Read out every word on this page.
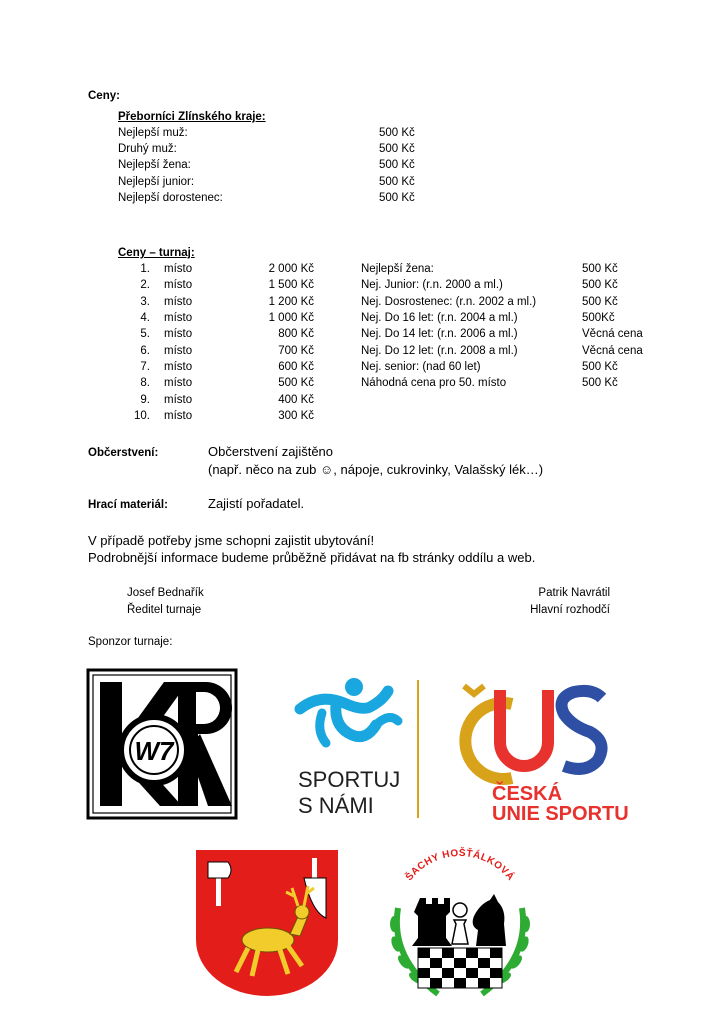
Ceny:
Přeborníci Zlínského kraje:
Nejlepší muž:	500 Kč
Druhý muž:	500 Kč
Nejlepší žena:	500 Kč
Nejlepší junior:	500 Kč
Nejlepší dorostenec:	500 Kč
Ceny – turnaj:
1. místo	2 000 Kč
2. místo	1 500 Kč
3. místo	1 200 Kč
4. místo	1 000 Kč
5. místo	800 Kč
6. místo	700 Kč
7. místo	600 Kč
8. místo	500 Kč
9. místo	400 Kč
10. místo	300 Kč
Nejlepší žena:	500 Kč
Nej. Junior: (r.n. 2000 a ml.)	500 Kč
Nej. Dosrostenec: (r.n. 2002 a ml.)	500 Kč
Nej. Do 16 let: (r.n. 2004 a ml.)	500Kč
Nej. Do 14 let: (r.n. 2006 a ml.)	Věcná cena
Nej. Do 12 let: (r.n. 2008 a ml.)	Věcná cena
Nej. senior: (nad 60 let)	500 Kč
Náhodná cena pro 50. místo	500 Kč
Občerstvení:	Občerstvení zajištěno
(např. něco na zub ☺, nápoje, cukrovinky, Valašský lék…)
Hrací materiál:	Zajistí pořadatel.
V případě potřeby jsme schopni zajistit ubytování!
Podrobnější informace budeme průběžně přidávat na fb stránky oddílu a web.
Josef Bednařík
Ředitel turnaje
Patrik Navrátil
Hlavní rozhodčí
Sponzor turnaje:
W7
SPORTUJ
S NÁMI	ČESKÁ
UNIE SPORTU
ŠACHY HOŠŤÁLKOVÁ
